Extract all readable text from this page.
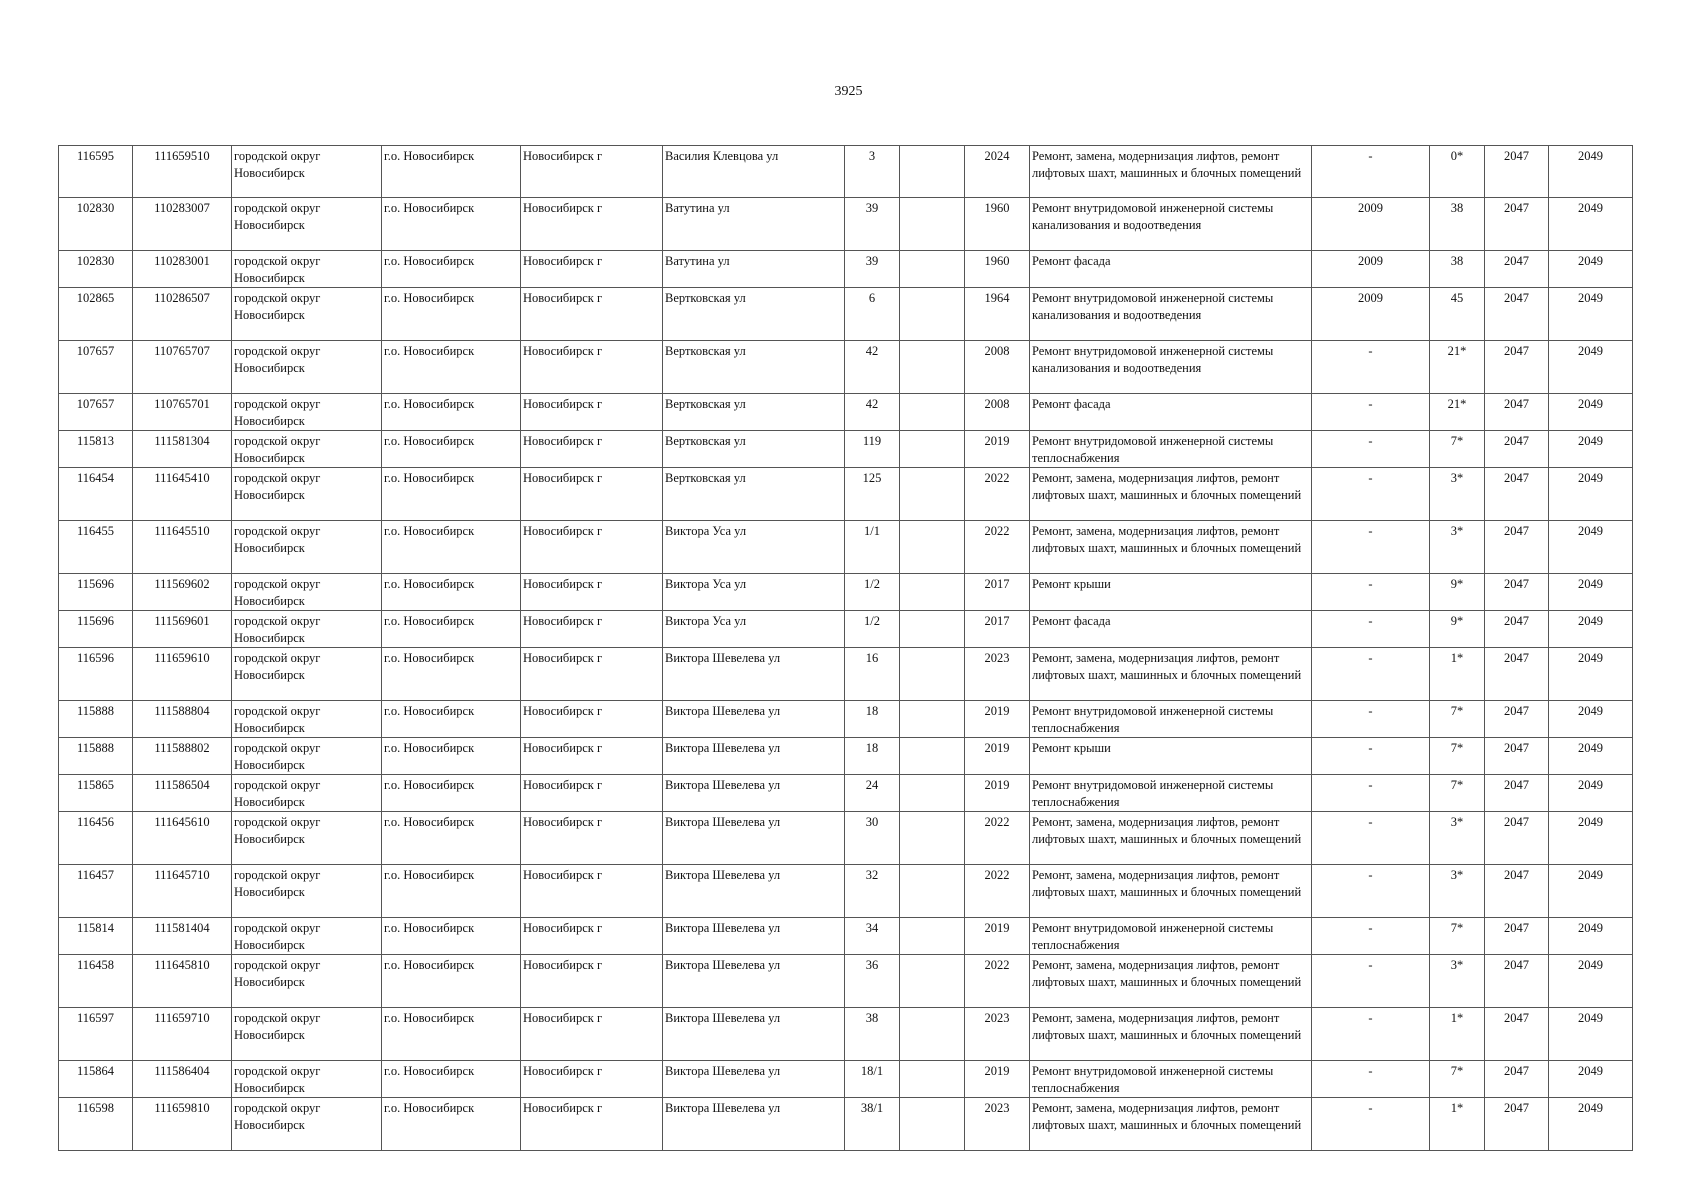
3925
116595	111659510	городской округ Новосибирск	г.о. Новосибирск	Новосибирск г	Василия Клевцова ул	3		2024	Ремонт, замена, модернизация лифтов, ремонт лифтовых шахт, машинных и блочных помещений	-	0*	2047	2049
102830	110283007	городской округ Новосибирск	г.о. Новосибирск	Новосибирск г	Ватутина ул	39		1960	Ремонт внутридомовой инженерной системы канализования и водоотведения	2009	38	2047	2049
102830	110283001	городской округ Новосибирск	г.о. Новосибирск	Новосибирск г	Ватутина ул	39		1960	Ремонт фасада	2009	38	2047	2049
102865	110286507	городской округ Новосибирск	г.о. Новосибирск	Новосибирск г	Вертковская ул	6		1964	Ремонт внутридомовой инженерной системы канализования и водоотведения	2009	45	2047	2049
107657	110765707	городской округ Новосибирск	г.о. Новосибирск	Новосибирск г	Вертковская ул	42		2008	Ремонт внутридомовой инженерной системы канализования и водоотведения	-	21*	2047	2049
107657	110765701	городской округ Новосибирск	г.о. Новосибирск	Новосибирск г	Вертковская ул	42		2008	Ремонт фасада	-	21*	2047	2049
115813	111581304	городской округ Новосибирск	г.о. Новосибирск	Новосибирск г	Вертковская ул	119		2019	Ремонт внутридомовой инженерной системы теплоснабжения	-	7*	2047	2049
116454	111645410	городской округ Новосибирск	г.о. Новосибирск	Новосибирск г	Вертковская ул	125		2022	Ремонт, замена, модернизация лифтов, ремонт лифтовых шахт, машинных и блочных помещений	-	3*	2047	2049
116455	111645510	городской округ Новосибирск	г.о. Новосибирск	Новосибирск г	Виктора Уса ул	1/1		2022	Ремонт, замена, модернизация лифтов, ремонт лифтовых шахт, машинных и блочных помещений	-	3*	2047	2049
115696	111569602	городской округ Новосибирск	г.о. Новосибирск	Новосибирск г	Виктора Уса ул	1/2		2017	Ремонт крыши	-	9*	2047	2049
115696	111569601	городской округ Новосибирск	г.о. Новосибирск	Новосибирск г	Виктора Уса ул	1/2		2017	Ремонт фасада	-	9*	2047	2049
116596	111659610	городской округ Новосибирск	г.о. Новосибирск	Новосибирск г	Виктора Шевелева ул	16		2023	Ремонт, замена, модернизация лифтов, ремонт лифтовых шахт, машинных и блочных помещений	-	1*	2047	2049
115888	111588804	городской округ Новосибирск	г.о. Новосибирск	Новосибирск г	Виктора Шевелева ул	18		2019	Ремонт внутридомовой инженерной системы теплоснабжения	-	7*	2047	2049
115888	111588802	городской округ Новосибирск	г.о. Новосибирск	Новосибирск г	Виктора Шевелева ул	18		2019	Ремонт крыши	-	7*	2047	2049
115865	111586504	городской округ Новосибирск	г.о. Новосибирск	Новосибирск г	Виктора Шевелева ул	24		2019	Ремонт внутридомовой инженерной системы теплоснабжения	-	7*	2047	2049
116456	111645610	городской округ Новосибирск	г.о. Новосибирск	Новосибирск г	Виктора Шевелева ул	30		2022	Ремонт, замена, модернизация лифтов, ремонт лифтовых шахт, машинных и блочных помещений	-	3*	2047	2049
116457	111645710	городской округ Новосибирск	г.о. Новосибирск	Новосибирск г	Виктора Шевелева ул	32		2022	Ремонт, замена, модернизация лифтов, ремонт лифтовых шахт, машинных и блочных помещений	-	3*	2047	2049
115814	111581404	городской округ Новосибирск	г.о. Новосибирск	Новосибирск г	Виктора Шевелева ул	34		2019	Ремонт внутридомовой инженерной системы теплоснабжения	-	7*	2047	2049
116458	111645810	городской округ Новосибирск	г.о. Новосибирск	Новосибирск г	Виктора Шевелева ул	36		2022	Ремонт, замена, модернизация лифтов, ремонт лифтовых шахт, машинных и блочных помещений	-	3*	2047	2049
116597	111659710	городской округ Новосибирск	г.о. Новосибирск	Новосибирск г	Виктора Шевелева ул	38		2023	Ремонт, замена, модернизация лифтов, ремонт лифтовых шахт, машинных и блочных помещений	-	1*	2047	2049
115864	111586404	городской округ Новосибирск	г.о. Новосибирск	Новосибирск г	Виктора Шевелева ул	18/1		2019	Ремонт внутридомовой инженерной системы теплоснабжения	-	7*	2047	2049
116598	111659810	городской округ Новосибирск	г.о. Новосибирск	Новосибирск г	Виктора Шевелева ул	38/1		2023	Ремонт, замена, модернизация лифтов, ремонт лифтовых шахт, машинных и блочных помещений	-	1*	2047	2049
